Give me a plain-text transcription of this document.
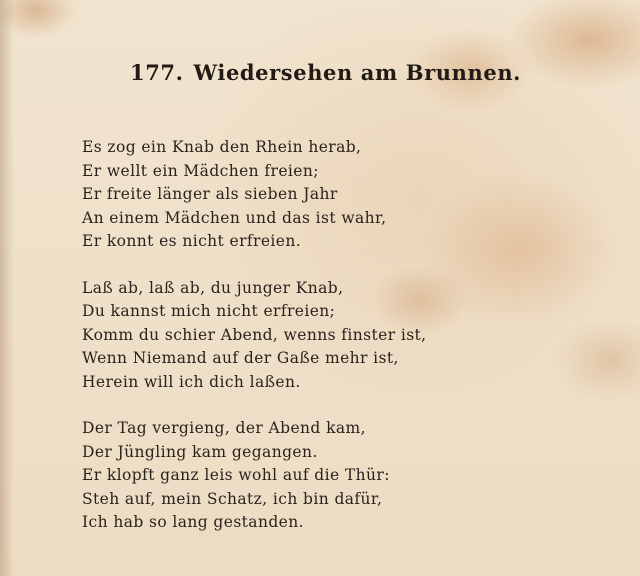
177. Wiedersehen am Brunnen.
Es zog ein Knab den Rhein herab,
Er wellt ein Mädchen freien;
Er freite länger als sieben Jahr
An einem Mädchen und das ist wahr,
Er konnt es nicht erfreien.
Laß ab, laß ab, du junger Knab,
Du kannst mich nicht erfreien;
Komm du schier Abend, wenns finster ist,
Wenn Niemand auf der Gaße mehr ist,
Herein will ich dich laßen.
Der Tag vergieng, der Abend kam,
Der Jüngling kam gegangen.
Er klopft ganz leis wohl auf die Thür:
Steh auf, mein Schatz, ich bin dafür,
Ich hab so lang gestanden.
